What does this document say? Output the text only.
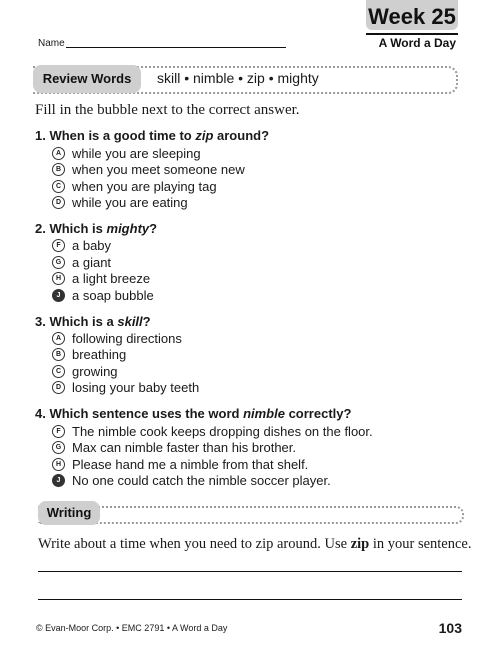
Week 25
A Word a Day
Name
Review Words	skill • nimble • zip • mighty
Fill in the bubble next to the correct answer.
1. When is a good time to zip around?
A while you are sleeping
B when you meet someone new
C when you are playing tag
D while you are eating
2. Which is mighty?
F a baby
G a giant
H a light breeze
J a soap bubble
3. Which is a skill?
A following directions
B breathing
C growing
D losing your baby teeth
4. Which sentence uses the word nimble correctly?
F The nimble cook keeps dropping dishes on the floor.
G Max can nimble faster than his brother.
H Please hand me a nimble from that shelf.
J No one could catch the nimble soccer player.
Writing
Write about a time when you need to zip around. Use zip in your sentence.
© Evan-Moor Corp. • EMC 2791 • A Word a Day	103
